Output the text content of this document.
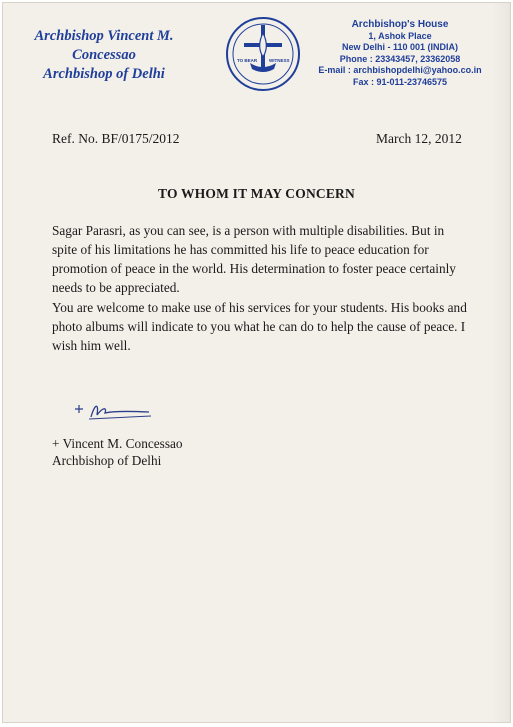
Archbishop Vincent M. Concessao
Archbishop of Delhi
TO BEAR	WITNESS
Archbishop's House
1, Ashok Place
New Delhi - 110 001 (INDIA)
Phone : 23343457, 23362058
E-mail : archbishopdelhi@yahoo.co.in
Fax : 91-011-23746575
Ref. No. BF/0175/2012	March 12, 2012
TO WHOM IT MAY CONCERN

Sagar Parasri, as you can see, is a person with multiple disabilities. But in spite of his limitations he has committed his life to peace education for promotion of peace in the world. His determination to foster peace certainly needs to be appreciated.

You are welcome to make use of his services for your students. His books and photo albums will indicate to you what he can do to help the cause of peace. I wish him well.

+ Vincent M. Concessao
Archbishop of Delhi
